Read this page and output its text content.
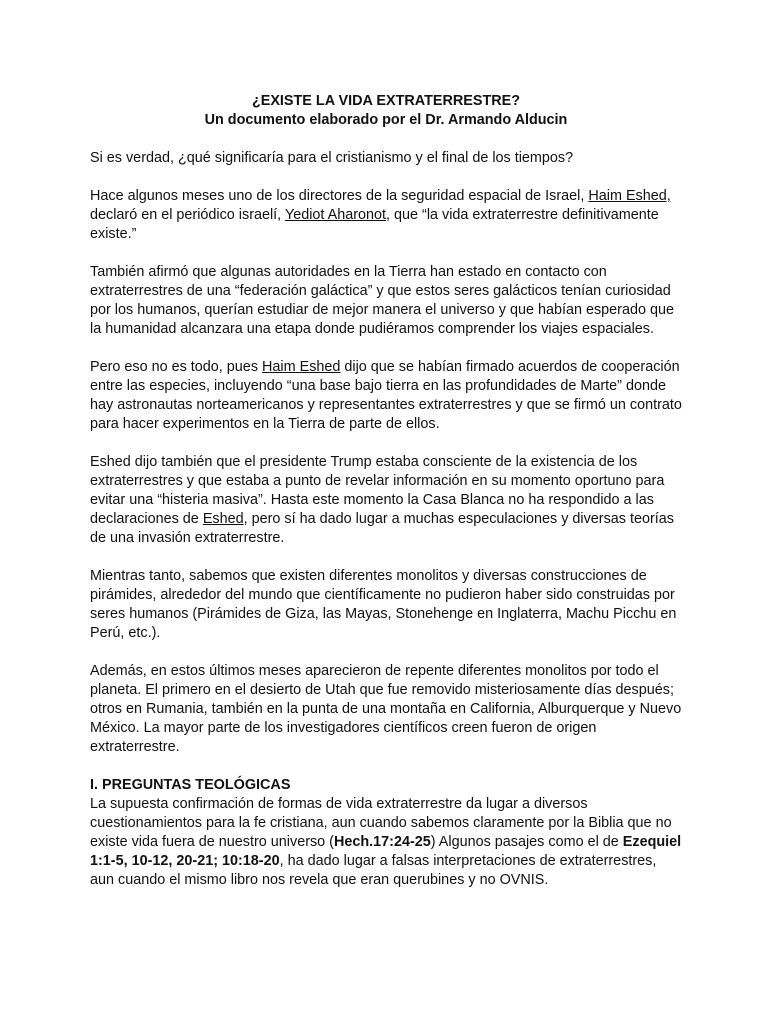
¿EXISTE LA VIDA EXTRATERRESTRE?
Un documento elaborado por el Dr. Armando Alducin

Si es verdad, ¿qué significaría para el cristianismo y el final de los tiempos?

Hace algunos meses uno de los directores de la seguridad espacial de Israel, Haim Eshed, declaró en el periódico israelí, Yediot Aharonot, que “la vida extraterrestre definitivamente existe.”

También afirmó que algunas autoridades en la Tierra han estado en contacto con extraterrestres de una “federación galáctica” y que estos seres galácticos tenían curiosidad por los humanos, querían estudiar de mejor manera el universo y que habían esperado que la humanidad alcanzara una etapa donde pudiéramos comprender los viajes espaciales.

Pero eso no es todo, pues Haim Eshed dijo que se habían firmado acuerdos de cooperación entre las especies, incluyendo “una base bajo tierra en las profundidades de Marte” donde hay astronautas norteamericanos y representantes extraterrestres y que se firmó un contrato para hacer experimentos en la Tierra de parte de ellos.

Eshed dijo también que el presidente Trump estaba consciente de la existencia de los extraterrestres y que estaba a punto de revelar información en su momento oportuno para evitar una “histeria masiva”. Hasta este momento la Casa Blanca no ha respondido a las declaraciones de Eshed, pero sí ha dado lugar a muchas especulaciones y diversas teorías de una invasión extraterrestre.

Mientras tanto, sabemos que existen diferentes monolitos y diversas construcciones de pirámides, alrededor del mundo que científicamente no pudieron haber sido construidas por seres humanos (Pirámides de Giza, las Mayas, Stonehenge en Inglaterra, Machu Picchu en Perú, etc.).

Además, en estos últimos meses aparecieron de repente diferentes monolitos por todo el planeta. El primero en el desierto de Utah que fue removido misteriosamente días después; otros en Rumania, también en la punta de una montaña en California, Alburquerque y Nuevo México. La mayor parte de los investigadores científicos creen fueron de origen extraterrestre.

I. PREGUNTAS TEOLÓGICAS
La supuesta confirmación de formas de vida extraterrestre da lugar a diversos cuestionamientos para la fe cristiana, aun cuando sabemos claramente por la Biblia que no existe vida fuera de nuestro universo (Hech.17:24-25) Algunos pasajes como el de Ezequiel 1:1-5, 10-12, 20-21; 10:18-20, ha dado lugar a falsas interpretaciones de extraterrestres, aun cuando el mismo libro nos revela que eran querubines y no OVNIS.
